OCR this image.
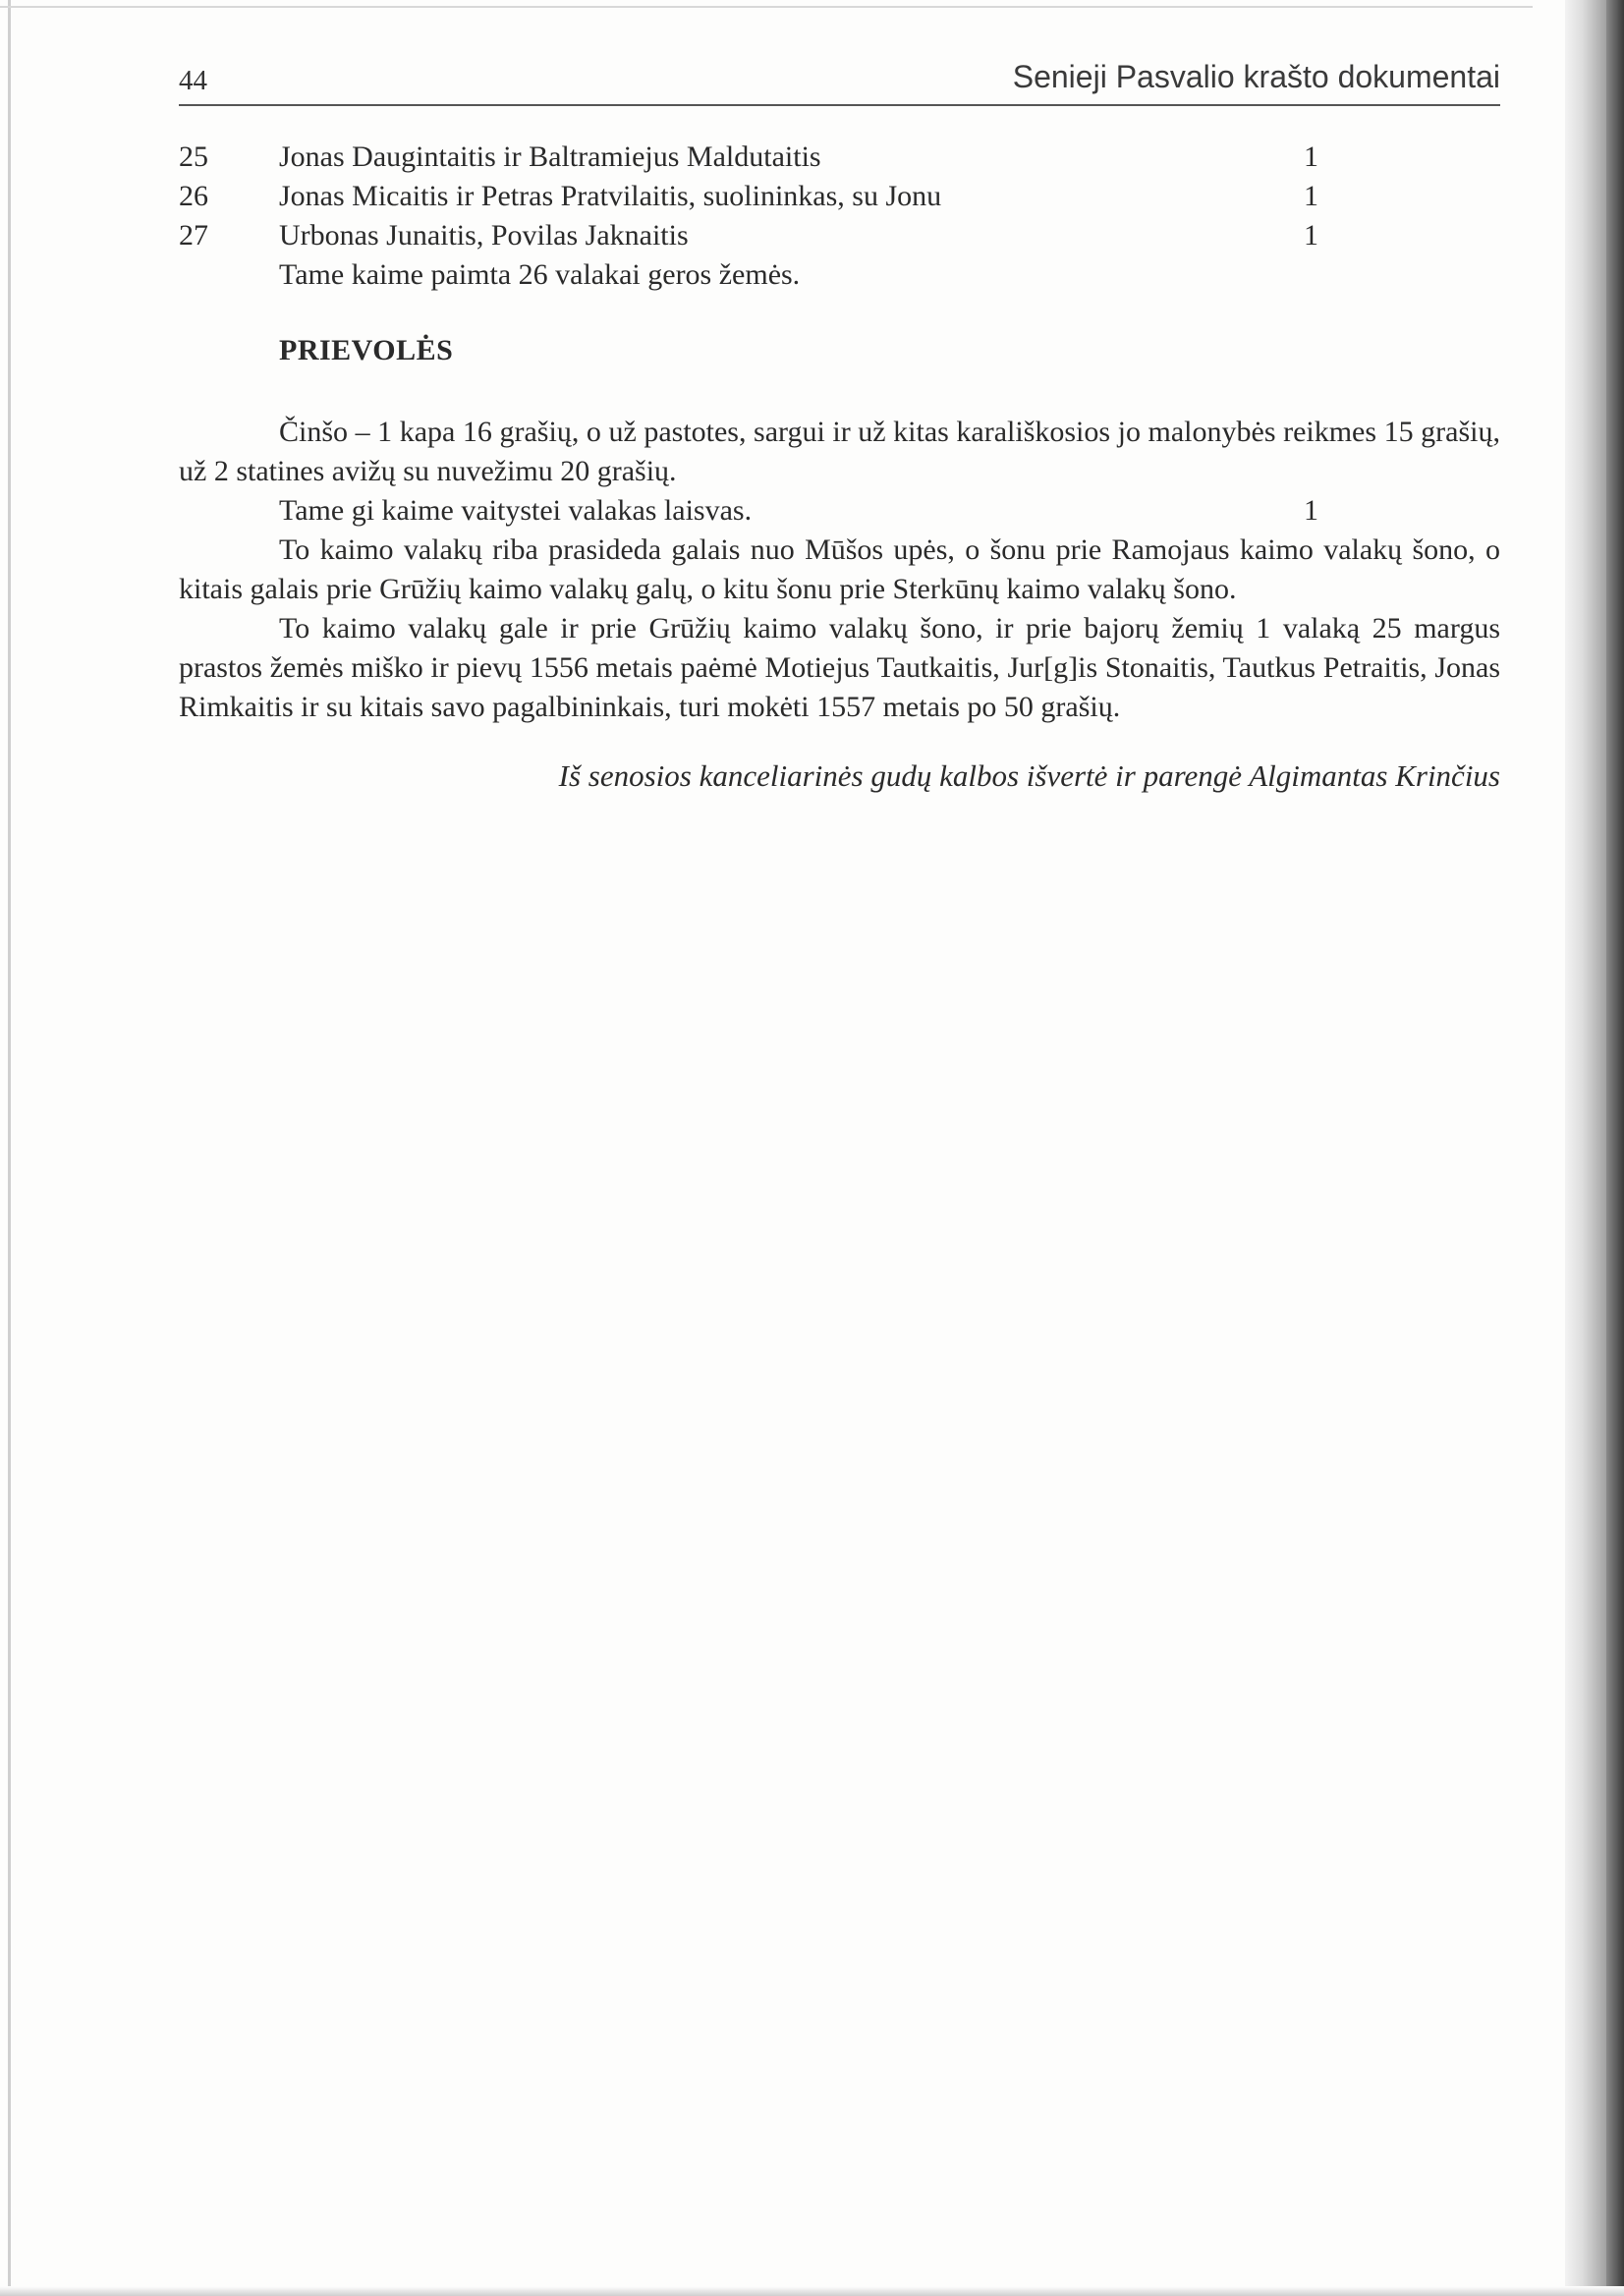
44	Senieji Pasvalio krašto dokumentai
25 Jonas Daugintaitis ir Baltramiejus Maldutaitis	1
26 Jonas Micaitis ir Petras Pratvilaitis, suolininkas, su Jonu	1
27 Urbonas Junaitis, Povilas Jaknaitis	1
Tame kaime paimta 26 valakai geros žemės.
PRIEVOLĖS

Činšo – 1 kapa 16 grašių, o už pastotes, sargui ir už kitas karališkosios jo malonybės reikmes 15 grašių, už 2 statines avižų su nuvežimu 20 grašių.

Tame gi kaime vaitystei valakas laisvas.	1

To kaimo valakų riba prasideda galais nuo Mūšos upės, o šonu prie Ramojaus kaimo valakų šono, o kitais galais prie Grūžių kaimo valakų galų, o kitu šonu prie Sterkūnų kaimo valakų šono.

To kaimo valakų gale ir prie Grūžių kaimo valakų šono, ir prie bajorų žemių 1 valaką 25 margus prastos žemės miško ir pievų 1556 metais paėmė Motiejus Tautkaitis, Jur[g]is Stonaitis, Tautkus Petraitis, Jonas Rimkaitis ir su kitais savo pagalbininkais, turi mokėti 1557 metais po 50 grašių.

Iš senosios kanceliarinės gudų kalbos išvertė ir parengė Algimantas Krinčius
